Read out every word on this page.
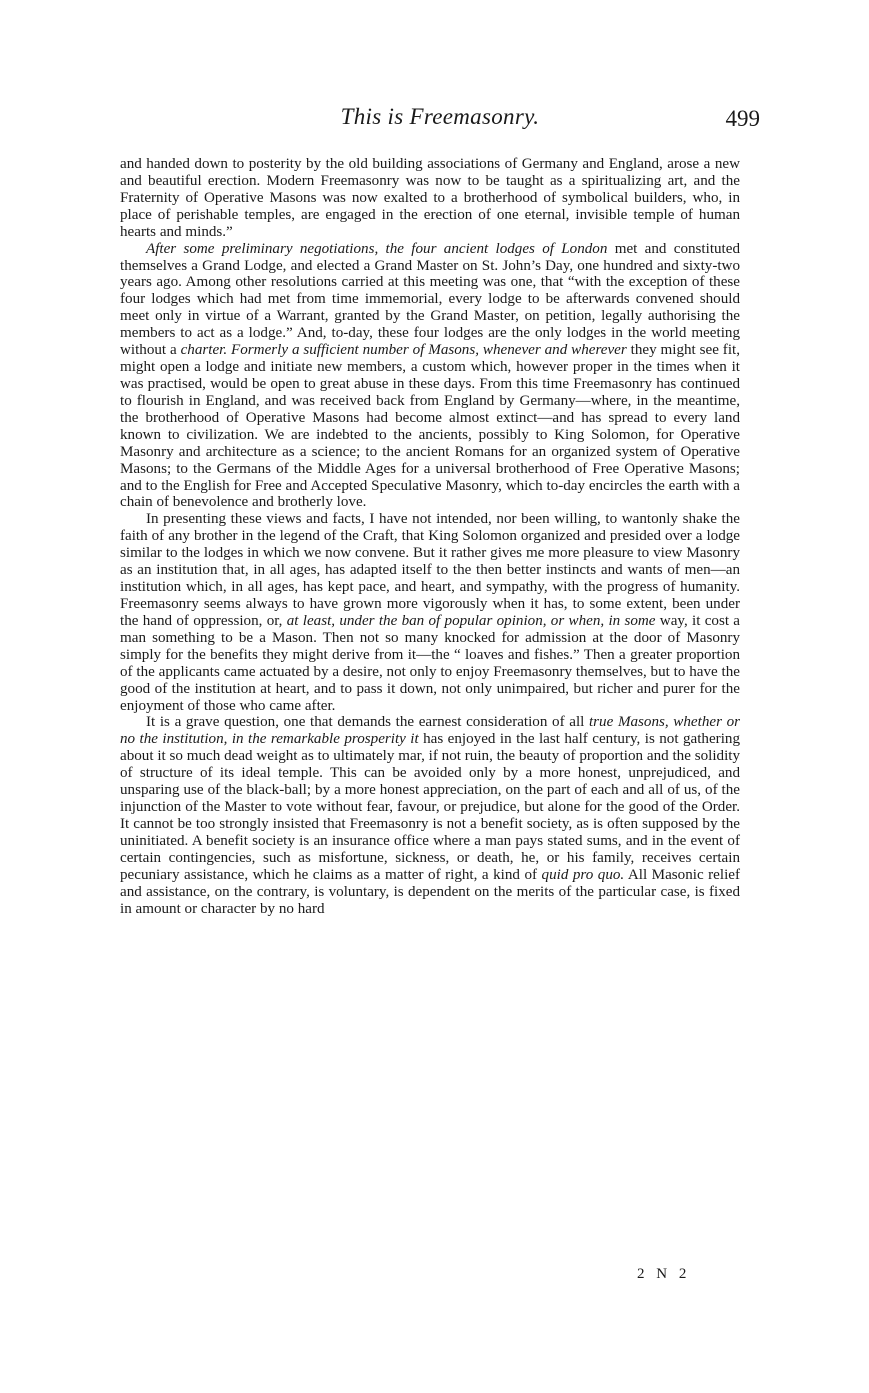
This is Freemasonry.	499

and handed down to posterity by the old building associations of Germany and England, arose a new and beautiful erection. Modern Freemasonry was now to be taught as a spiritualizing art, and the Fraternity of Operative Masons was now exalted to a brotherhood of symbolical builders, who, in place of perishable temples, are engaged in the erection of one eternal, invisible temple of human hearts and minds.”

After some preliminary negotiations, the four ancient lodges of London met and constituted themselves a Grand Lodge, and elected a Grand Master on St. John’s Day, one hundred and sixty-two years ago. Among other resolutions carried at this meeting was one, that “with the exception of these four lodges which had met from time immemorial, every lodge to be afterwards convened should meet only in virtue of a Warrant, granted by the Grand Master, on petition, legally authorising the members to act as a lodge.” And, to-day, these four lodges are the only lodges in the world meeting without a charter. Formerly a sufficient number of Masons, whenever and wherever they might see fit, might open a lodge and initiate new members, a custom which, however proper in the times when it was practised, would be open to great abuse in these days. From this time Freemasonry has continued to flourish in England, and was received back from England by Germany—where, in the meantime, the brotherhood of Operative Masons had become almost extinct—and has spread to every land known to civilization. We are indebted to the ancients, possibly to King Solomon, for Operative Masonry and architecture as a science; to the ancient Romans for an organized system of Operative Masons; to the Germans of the Middle Ages for a universal brotherhood of Free Operative Masons; and to the English for Free and Accepted Speculative Masonry, which to-day encircles the earth with a chain of benevolence and brotherly love.

In presenting these views and facts, I have not intended, nor been willing, to wantonly shake the faith of any brother in the legend of the Craft, that King Solomon organized and presided over a lodge similar to the lodges in which we now convene. But it rather gives me more pleasure to view Masonry as an institution that, in all ages, has adapted itself to the then better instincts and wants of men—an institution which, in all ages, has kept pace, and heart, and sympathy, with the progress of humanity. Freemasonry seems always to have grown more vigorously when it has, to some extent, been under the hand of oppression, or, at least, under the ban of popular opinion, or when, in some way, it cost a man something to be a Mason. Then not so many knocked for admission at the door of Masonry simply for the benefits they might derive from it—the “ loaves and fishes.” Then a greater proportion of the applicants came actuated by a desire, not only to enjoy Freemasonry themselves, but to have the good of the institution at heart, and to pass it down, not only unimpaired, but richer and purer for the enjoyment of those who came after.

It is a grave question, one that demands the earnest consideration of all true Masons, whether or no the institution, in the remarkable prosperity it has enjoyed in the last half century, is not gathering about it so much dead weight as to ultimately mar, if not ruin, the beauty of proportion and the solidity of structure of its ideal temple. This can be avoided only by a more honest, unprejudiced, and unsparing use of the black-ball; by a more honest appreciation, on the part of each and all of us, of the injunction of the Master to vote without fear, favour, or prejudice, but alone for the good of the Order. It cannot be too strongly insisted that Freemasonry is not a benefit society, as is often supposed by the uninitiated. A benefit society is an insurance office where a man pays stated sums, and in the event of certain contingencies, such as misfortune, sickness, or death, he, or his family, receives certain pecuniary assistance, which he claims as a matter of right, a kind of quid pro quo. All Masonic relief and assistance, on the contrary, is voluntary, is dependent on the merits of the particular case, is fixed in amount or character by no hard

2 N 2
